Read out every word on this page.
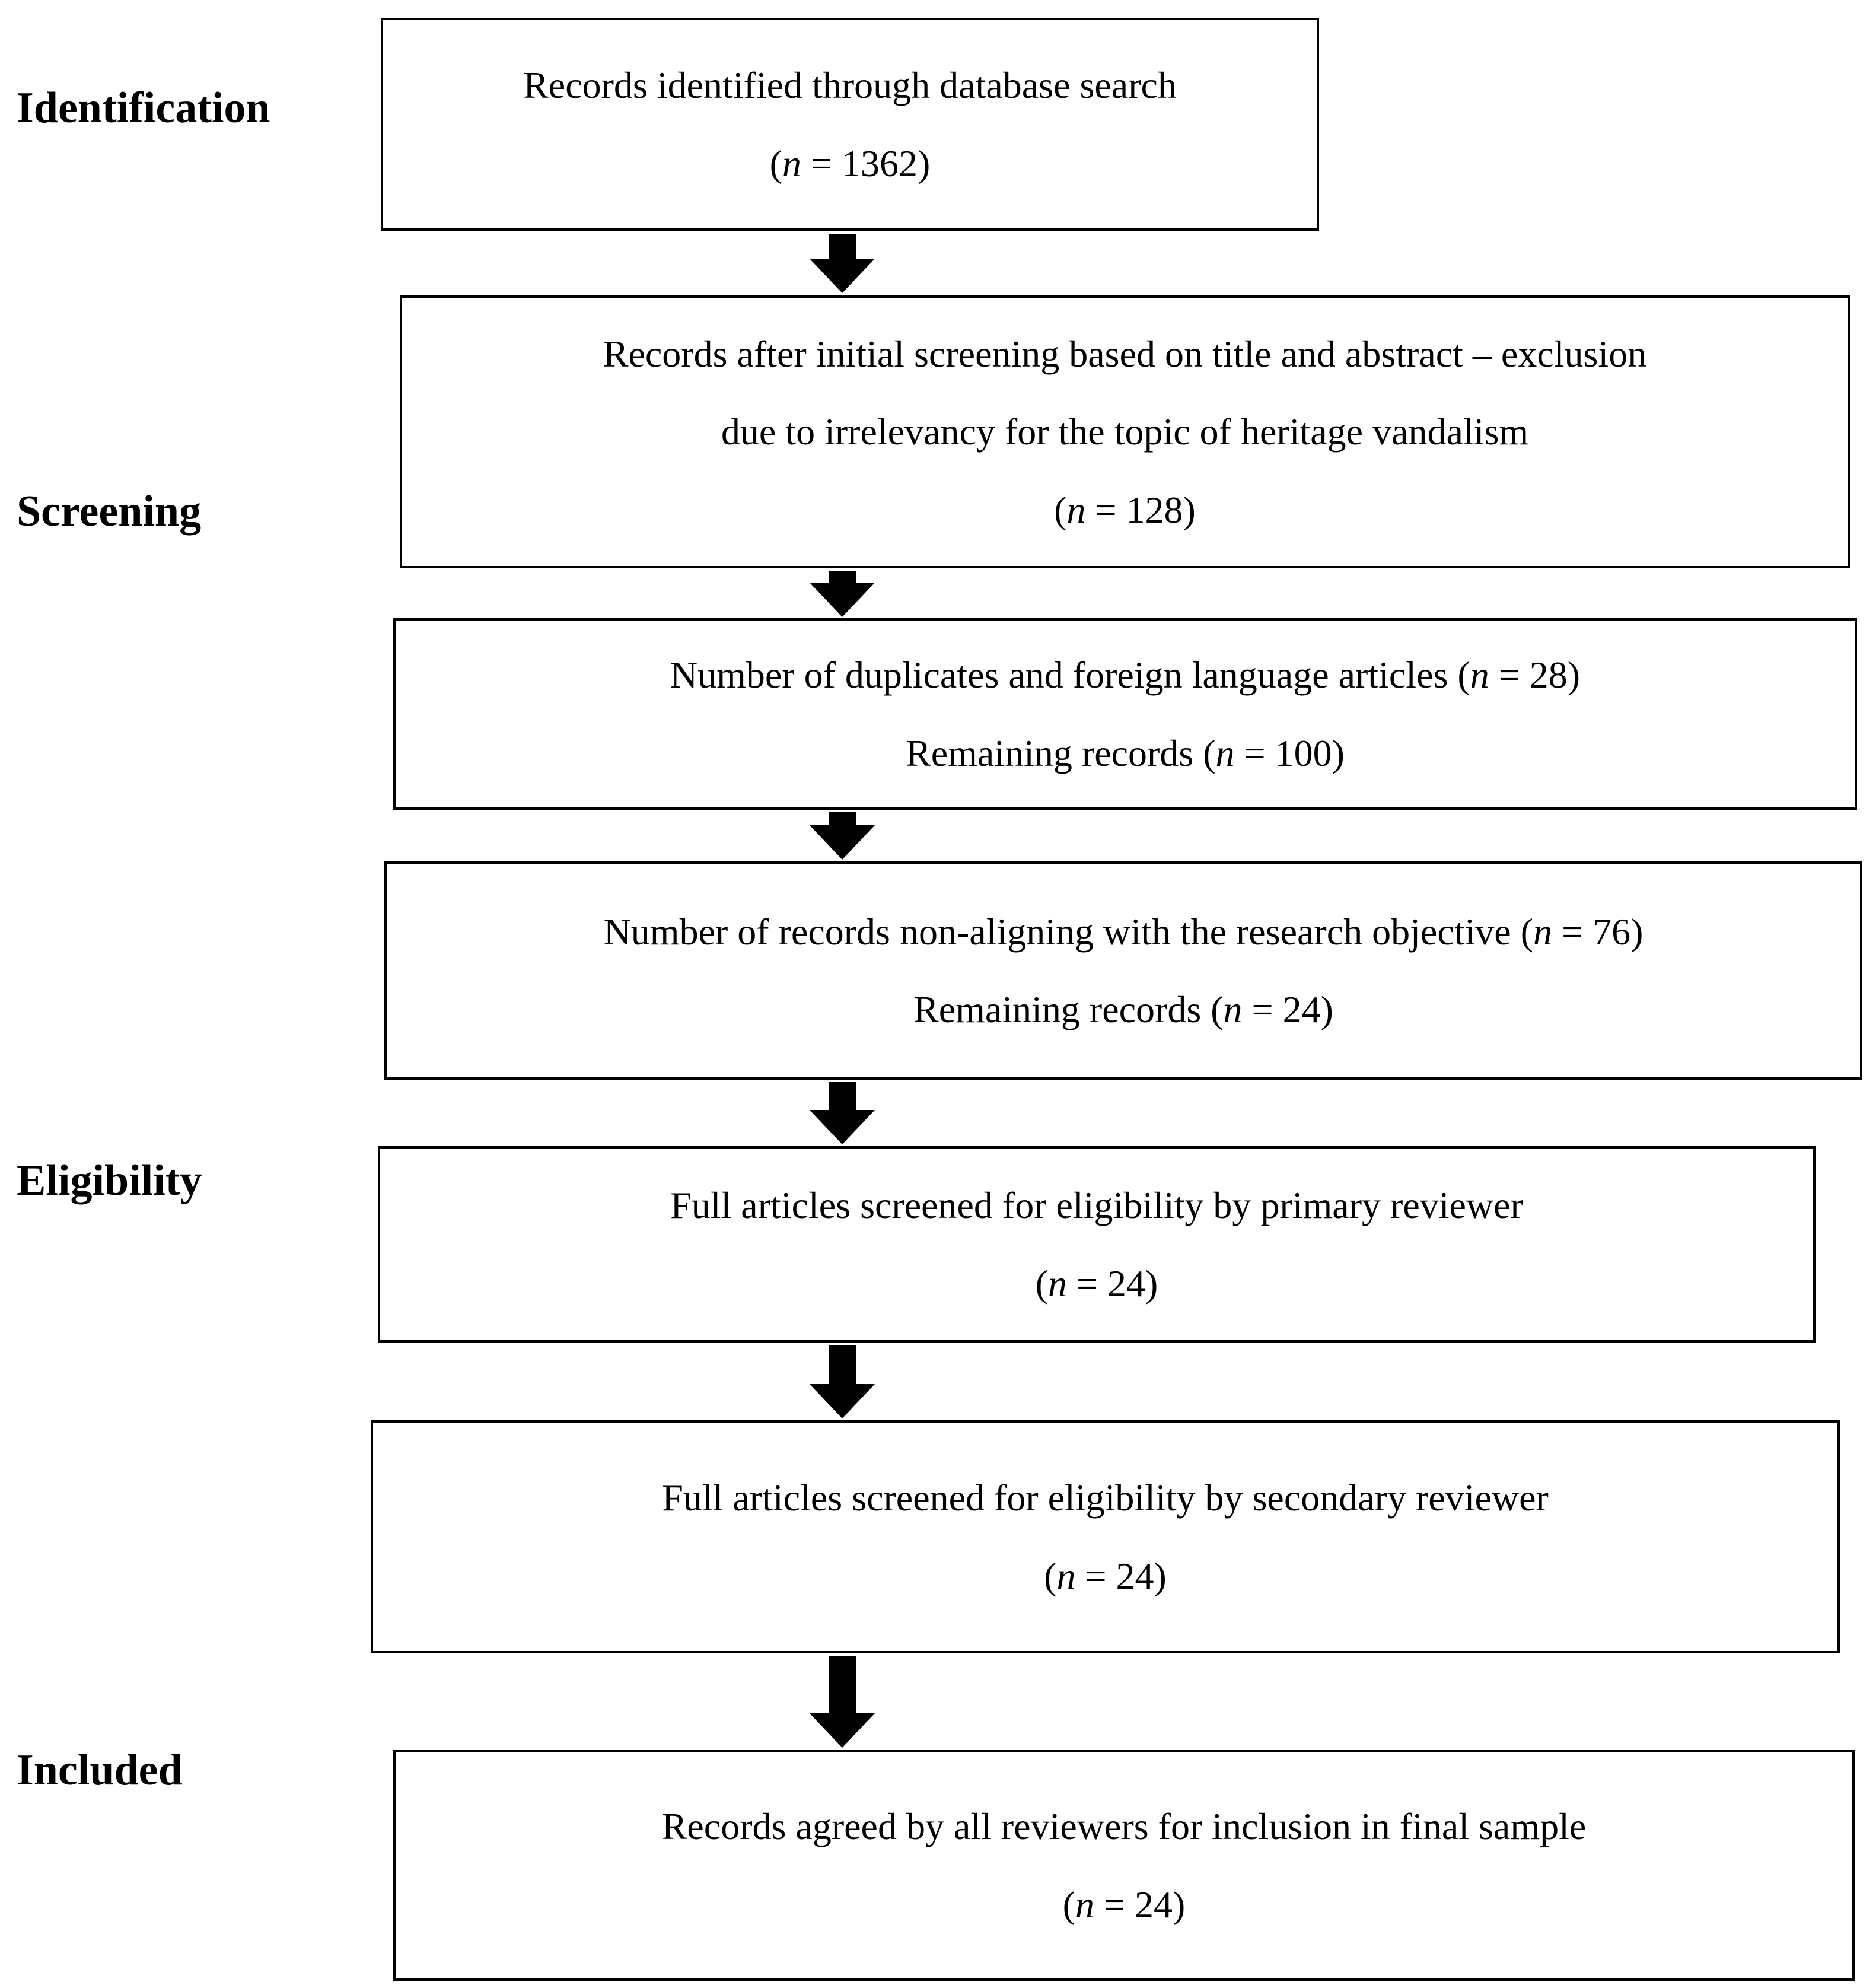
Identification
Screening
Eligibility
Included
Records identified through database search
(n = 1362)
Records after initial screening based on title and abstract – exclusion
due to irrelevancy for the topic of heritage vandalism
(n = 128)
Number of duplicates and foreign language articles (n = 28)
Remaining records (n = 100)
Number of records non-aligning with the research objective (n = 76)
Remaining records (n = 24)
Full articles screened for eligibility by primary reviewer
(n = 24)
Full articles screened for eligibility by secondary reviewer
(n = 24)
Records agreed by all reviewers for inclusion in final sample
(n = 24)
